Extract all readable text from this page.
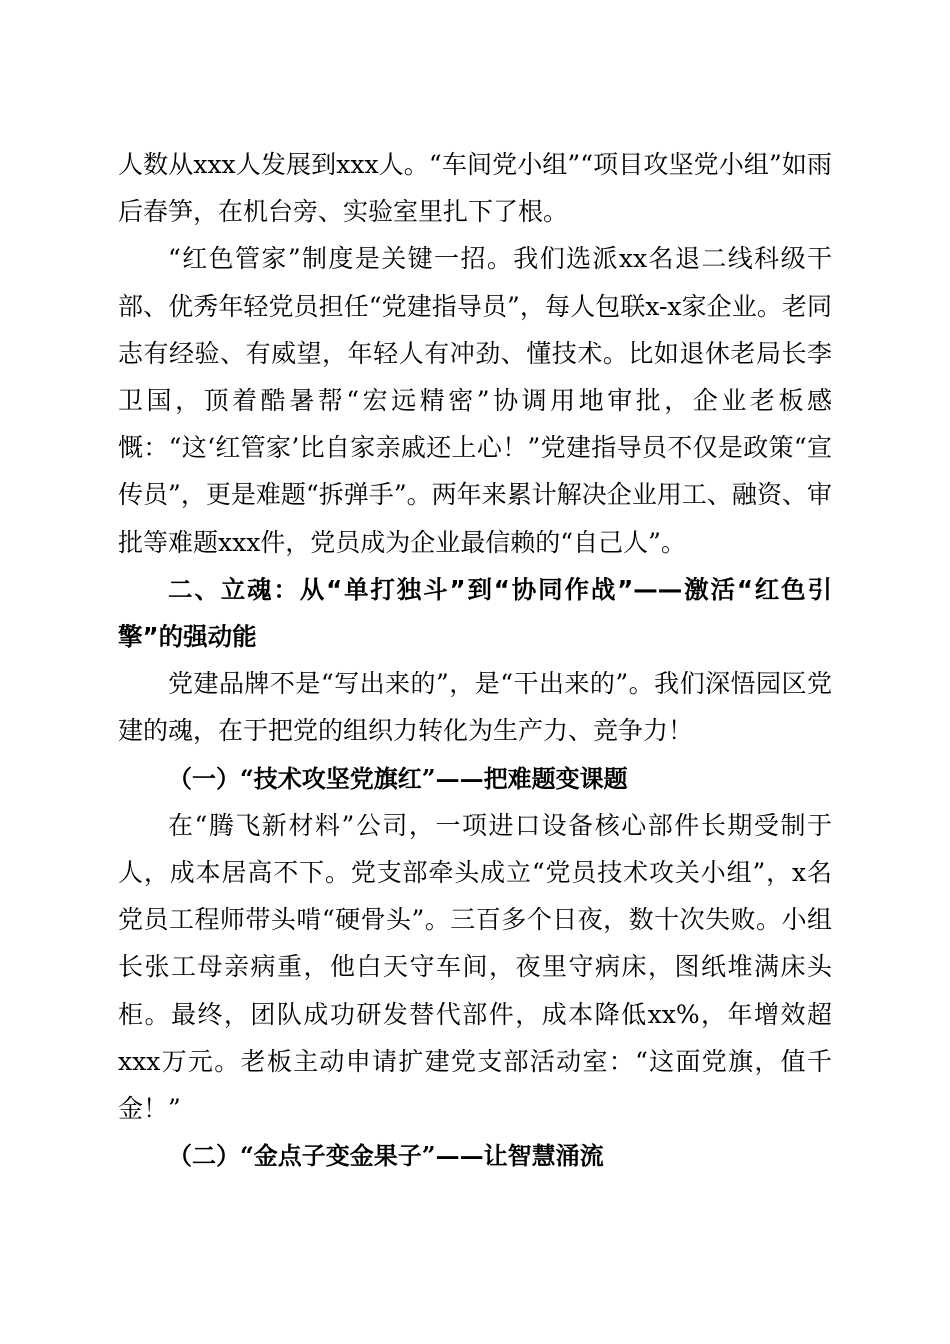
人数从xxx人发展到xxx人。“车间党小组”“项目攻坚党小组”如雨后春笋，在机台旁、实验室里扎下了根。

“红色管家”制度是关键一招。我们选派xx名退二线科级干部、优秀年轻党员担任“党建指导员”，每人包联x-x家企业。老同志有经验、有威望，年轻人有冲劲、懂技术。比如退休老局长李卫国，顶着酷暑帮“宏远精密”协调用地审批，企业老板感慨：“这‘红管家’比自家亲戚还上心！”党建指导员不仅是政策“宣传员”，更是难题“拆弹手”。两年来累计解决企业用工、融资、审批等难题xxx件，党员成为企业最信赖的“自己人”。

二、立魂：从“单打独斗”到“协同作战”——激活“红色引擎”的强动能

党建品牌不是“写出来的”，是“干出来的”。我们深悟园区党建的魂，在于把党的组织力转化为生产力、竞争力！

（一）“技术攻坚党旗红”——把难题变课题

在“腾飞新材料”公司，一项进口设备核心部件长期受制于人，成本居高不下。党支部牵头成立“党员技术攻关小组”，x名党员工程师带头啃“硬骨头”。三百多个日夜，数十次失败。小组长张工母亲病重，他白天守车间，夜里守病床，图纸堆满床头柜。最终，团队成功研发替代部件，成本降低xx%，年增效超xxx万元。老板主动申请扩建党支部活动室：“这面党旗，值千金！”

（二）“金点子变金果子”——让智慧涌流
